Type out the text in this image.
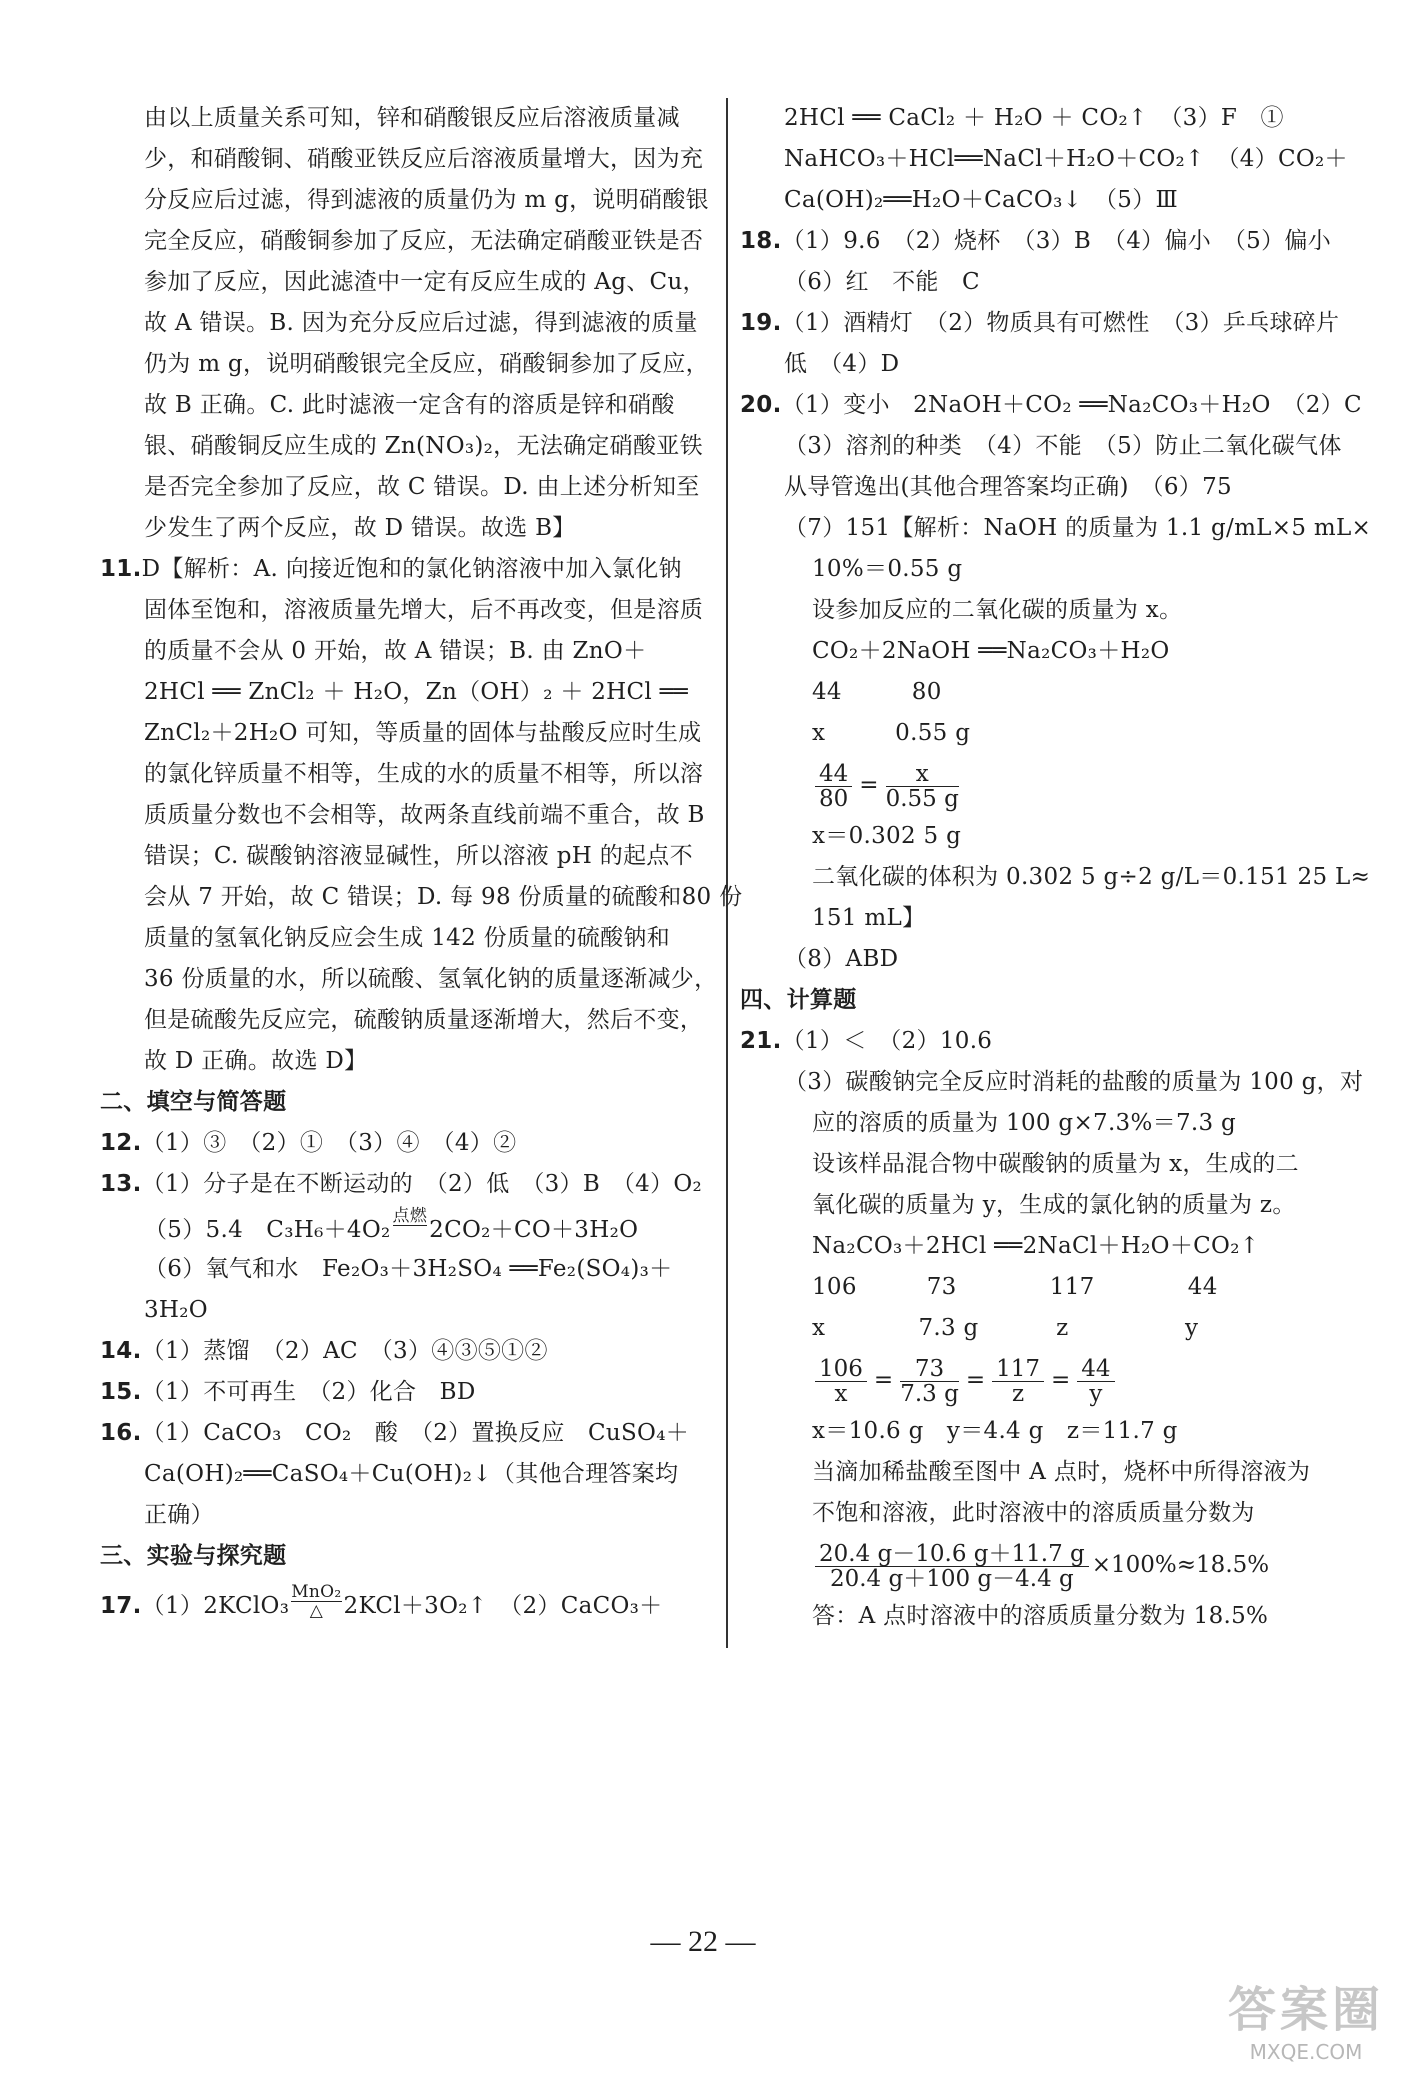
由以上质量关系可知，锌和硝酸银反应后溶液质量减
少，和硝酸铜、硝酸亚铁反应后溶液质量增大，因为充
分反应后过滤，得到滤液的质量仍为 m g，说明硝酸银
完全反应，硝酸铜参加了反应，无法确定硝酸亚铁是否
参加了反应，因此滤渣中一定有反应生成的 Ag、Cu，
故 A 错误。B. 因为充分反应后过滤，得到滤液的质量
仍为 m g，说明硝酸银完全反应，硝酸铜参加了反应，
故 B 正确。C. 此时滤液一定含有的溶质是锌和硝酸
银、硝酸铜反应生成的 Zn(NO₃)₂，无法确定硝酸亚铁
是否完全参加了反应，故 C 错误。D. 由上述分析知至
少发生了两个反应，故 D 错误。故选 B】
11.D【解析：A. 向接近饱和的氯化钠溶液中加入氯化钠
固体至饱和，溶液质量先增大，后不再改变，但是溶质
的质量不会从 0 开始，故 A 错误；B. 由 ZnO＋
2HCl ══ ZnCl₂ ＋ H₂O，Zn（OH）₂ ＋ 2HCl ══
ZnCl₂＋2H₂O 可知，等质量的固体与盐酸反应时生成
的氯化锌质量不相等，生成的水的质量不相等，所以溶
质质量分数也不会相等，故两条直线前端不重合，故 B
错误；C. 碳酸钠溶液显碱性，所以溶液 pH 的起点不
会从 7 开始，故 C 错误；D. 每 98 份质量的硫酸和80 份
质量的氢氧化钠反应会生成 142 份质量的硫酸钠和
36 份质量的水，所以硫酸、氢氧化钠的质量逐渐减少，
但是硫酸先反应完，硫酸钠质量逐渐增大，然后不变，
故 D 正确。故选 D】
二、填空与简答题
12.（1）③　（2）①　（3）④　（4）②
13.（1）分子是在不断运动的　（2）低　（3）B　（4）O₂
（5）5.4　C₃H₆＋4O₂
点燃

2CO₂＋CO＋3H₂O
（6）氧气和水　Fe₂O₃＋3H₂SO₄ ══Fe₂(SO₄)₃＋
3H₂O
14.（1）蒸馏　（2）AC　（3）④③⑤①②
15.（1）不可再生　（2）化合　BD
16.（1）CaCO₃　CO₂　酸　（2）置换反应　CuSO₄＋
Ca(OH)₂══CaSO₄＋Cu(OH)₂↓（其他合理答案均
正确）
三、实验与探究题
17.（1）2KClO₃
MnO₂
△ 2KCl＋3O₂↑　（2）CaCO₃＋
2HCl ══ CaCl₂ ＋ H₂O ＋ CO₂↑　（3）F　①
NaHCO₃＋HCl══NaCl＋H₂O＋CO₂↑　（4）CO₂＋
Ca(OH)₂══H₂O＋CaCO₃↓　（5）Ⅲ
18.（1）9.6　（2）烧杯　（3）B　（4）偏小　（5）偏小
（6）红　不能　C
19.（1）酒精灯　（2）物质具有可燃性　（3）乒乓球碎片
低　（4）D
20.（1）变小　2NaOH＋CO₂ ══Na₂CO₃＋H₂O　（2）C
（3）溶剂的种类　（4）不能　（5）防止二氧化碳气体
从导管逸出(其他合理答案均正确)　（6）75
（7）151【解析：NaOH 的质量为 1.1 g/mL×5 mL×
10%＝0.55 g
设参加反应的二氧化碳的质量为 x。
CO₂＋2NaOH ══Na₂CO₃＋H₂O
44　　　80
x　　　0.55 g
$\frac{44}{80} = \frac{x}{0.55 g}$
x＝0.302 5 g
二氧化碳的体积为 0.302 5 g÷2 g/L＝0.151 25 L≈
151 mL】
（8）ABD
四、计算题
21.（1）＜　（2）10.6
（3）碳酸钠完全反应时消耗的盐酸的质量为 100 g，对
应的溶质的质量为 100 g×7.3%＝7.3 g
设该样品混合物中碳酸钠的质量为 x，生成的二
氧化碳的质量为 y，生成的氯化钠的质量为 z。
Na₂CO₃＋2HCl ══2NaCl＋H₂O＋CO₂↑
106　　　73　　　　117　　　　44
x　　　　7.3 g　　　 z　　　　　y
$\frac{106}{x} = \frac{73}{7.3 g} = \frac{117}{z} = \frac{44}{y}$
x＝10.6 g　y＝4.4 g　z＝11.7 g
当滴加稀盐酸至图中 A 点时，烧杯中所得溶液为
不饱和溶液，此时溶液中的溶质质量分数为
$\frac{20.4 g-10.6 g+11.7 g}{20.4 g+100 g-4.4 g} \times 100\%\approx 18.5\%$
答：A 点时溶液中的溶质质量分数为 18.5%
— 22 —
答案圈
MXQE.COM
